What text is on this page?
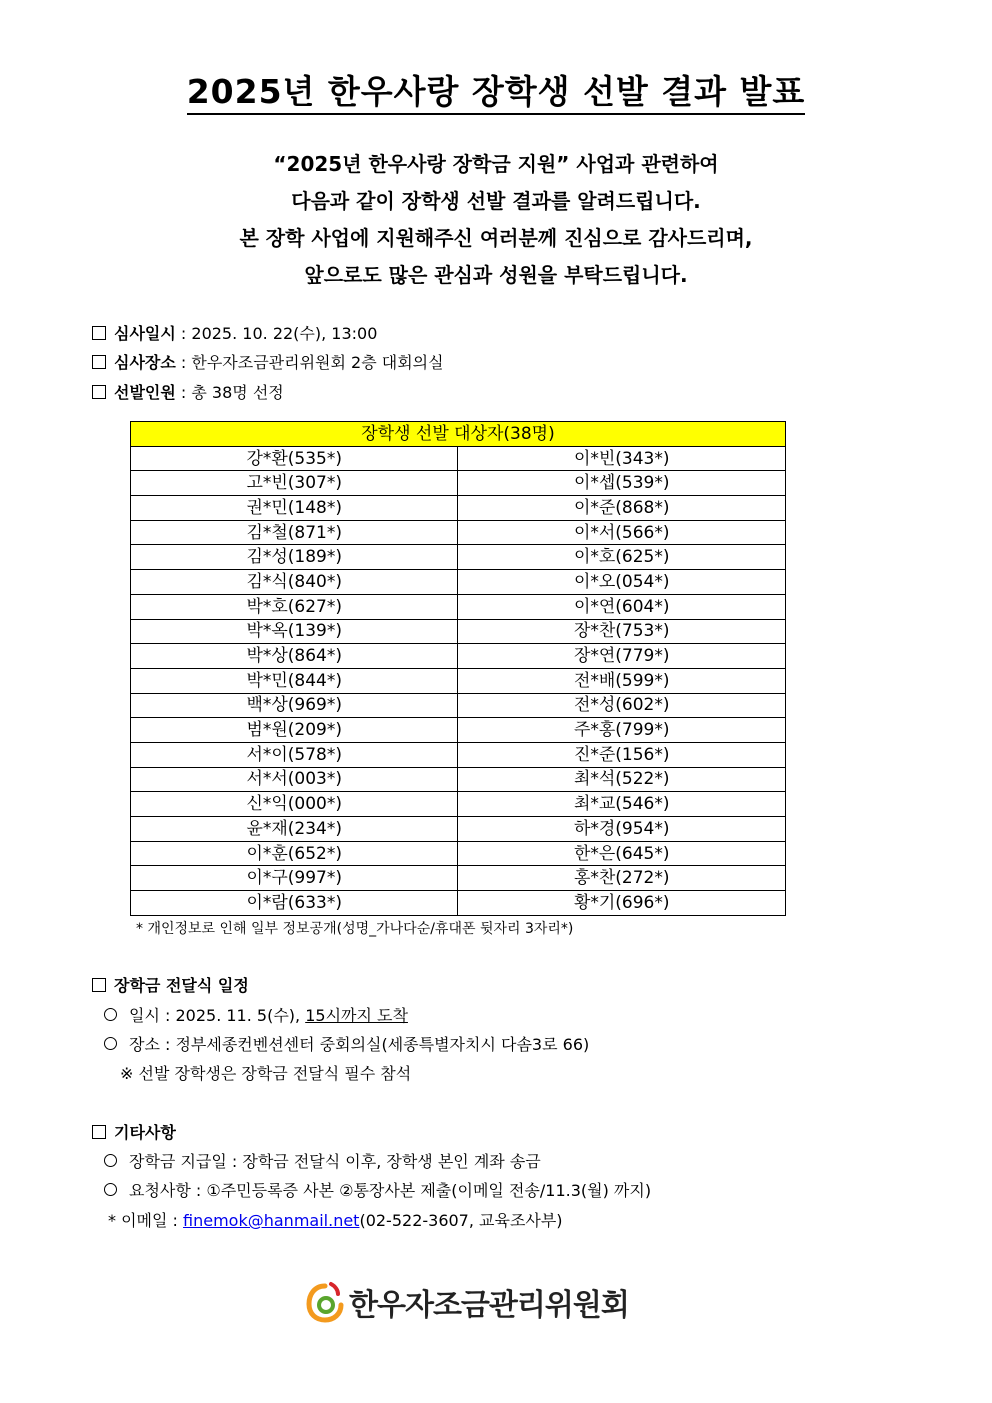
2025년 한우사랑 장학생 선발 결과 발표
“2025년 한우사랑 장학금 지원” 사업과 관련하여
다음과 같이 장학생 선발 결과를 알려드립니다.
본 장학 사업에 지원해주신 여러분께 진심으로 감사드리며,
앞으로도 많은 관심과 성원을 부탁드립니다.
심사일시 : 2025. 10. 22(수), 13:00
심사장소 : 한우자조금관리위원회 2층 대회의실
선발인원 : 총 38명 선정
장학생 선발 대상자(38명)	
강*환(535*)	이*빈(343*)
고*빈(307*)	이*셉(539*)
권*민(148*)	이*준(868*)
김*철(871*)	이*서(566*)
김*성(189*)	이*호(625*)
김*식(840*)	이*오(054*)
박*호(627*)	이*연(604*)
박*옥(139*)	장*찬(753*)
박*상(864*)	장*연(779*)
박*민(844*)	전*배(599*)
백*상(969*)	전*성(602*)
범*원(209*)	주*홍(799*)
서*이(578*)	진*준(156*)
서*서(003*)	최*석(522*)
신*익(000*)	최*교(546*)
윤*재(234*)	하*경(954*)
이*훈(652*)	한*은(645*)
이*구(997*)	홍*찬(272*)
이*람(633*)	황*기(696*)
* 개인정보로 인해 일부 정보공개(성명_가나다순/휴대폰 뒷자리 3자리*)
장학금 전달식 일정
일시 : 2025. 11. 5(수), 15시까지 도착
장소 : 정부세종컨벤션센터 중회의실(세종특별자치시 다솜3로 66)
※ 선발 장학생은 장학금 전달식 필수 참석
기타사항
장학금 지급일 : 장학금 전달식 이후, 장학생 본인 계좌 송금
요청사항 : ①주민등록증 사본 ②통장사본 제출(이메일 전송/11.3(월) 까지)
* 이메일 : finemok@hanmail.net(02-522-3607, 교육조사부)
한우자조금관리위원회
